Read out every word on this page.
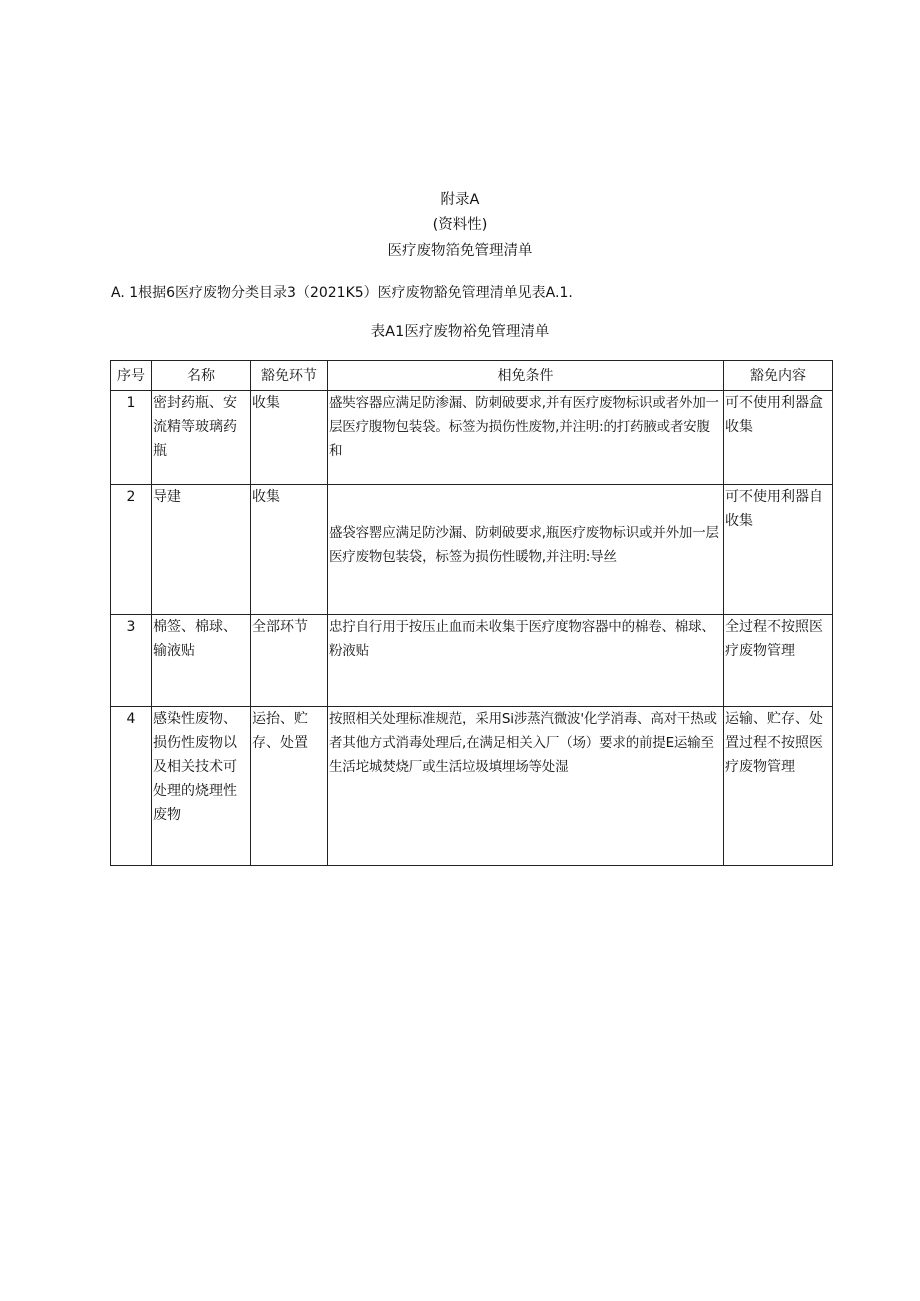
附录A
(资料性)
医疗废物箔免管理清单
A. 1根据6医疗废物分类目录3（2021K5）医疗废物豁免管理清单见表A.1.
表A1医疗废物裕免管理清单
序号	名称	豁免环节	相免条件	豁免内容
1	密封药瓶、安流精等玻璃药瓶	收集	盛奘容器应满足防渗漏、防刺破要求,并有医疗废物标识或者外加一层医疗腹物包装袋。标签为损伤性废物,并注明:的打药腋或者安腹和	可不使用利器盒收集
2	导建	收集	盛袋容罂应满足防沙漏、防刺破要求,瓶医疗废物标识或并外加一层医疗废物包装袋，标签为损伤性暖物,并注明:导丝	可不使用利器自收集
3	棉签、棉球、输液贴	全部环节	忠拧自行用于按压止血而未收集于医疗度物容器中的棉卷、棉球、粉液贴	全过程不按照医疗废物管理
4	感染性废物、损伤性废物以及相关技术可处理的烧理性废物	运抬、贮存、处置	按照相关处理标准规范，采用Si涉蒸汽微波'化学消毒、高对干热或者其他方式消毒处理后,在满足相关入厂（场）要求的前提E运输至生活坨城焚烧厂或生活垃圾填埋场等处湿	运输、贮存、处置过程不按照医疗废物管理
